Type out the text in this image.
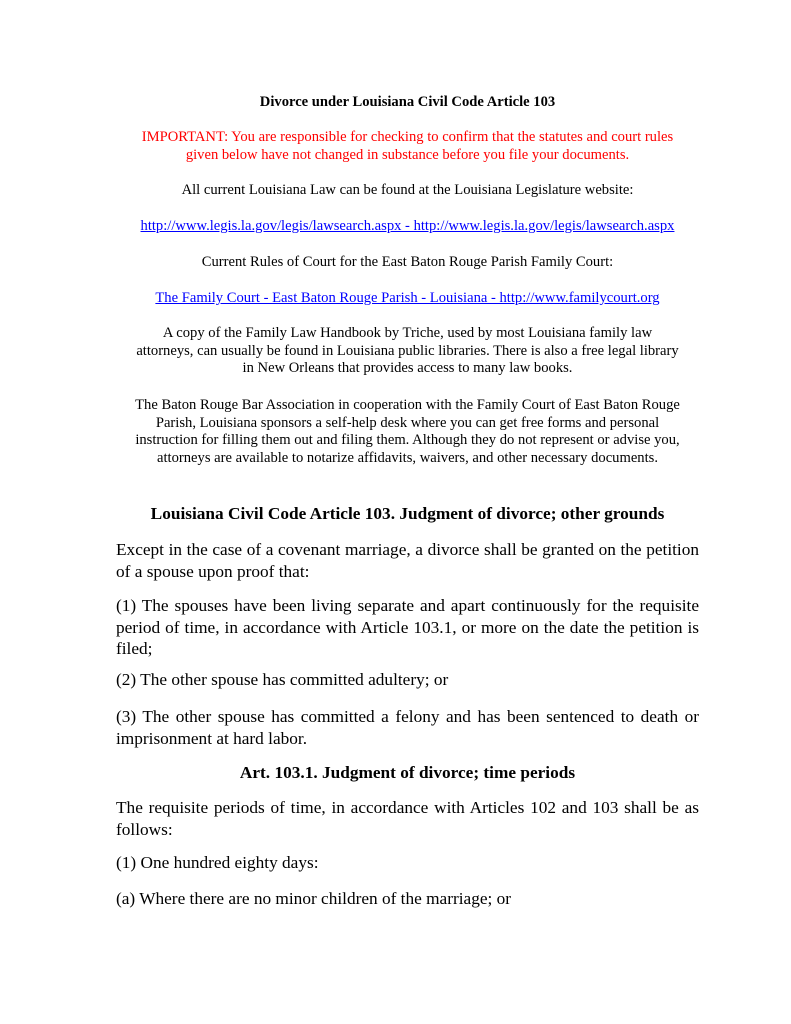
Divorce under Louisiana Civil Code Article 103

IMPORTANT: You are responsible for checking to confirm that the statutes and court rules
given below have not changed in substance before you file your documents.

All current Louisiana Law can be found at the Louisiana Legislature website:

http://www.legis.la.gov/legis/lawsearch.aspx - http://www.legis.la.gov/legis/lawsearch.aspx

Current Rules of Court for the East Baton Rouge Parish Family Court:

The Family Court - East Baton Rouge Parish - Louisiana - http://www.familycourt.org

A copy of the Family Law Handbook by Triche, used by most Louisiana family law
attorneys, can usually be found in Louisiana public libraries. There is also a free legal library
in New Orleans that provides access to many law books.

The Baton Rouge Bar Association in cooperation with the Family Court of East Baton Rouge
Parish, Louisiana sponsors a self-help desk where you can get free forms and personal
instruction for filling them out and filing them. Although they do not represent or advise you,
attorneys are available to notarize affidavits, waivers, and other necessary documents.

Louisiana Civil Code Article 103. Judgment of divorce; other grounds

Except in the case of a covenant marriage, a divorce shall be granted on the petition of a spouse upon proof that:

(1) The spouses have been living separate and apart continuously for the requisite period of time, in accordance with Article 103.1, or more on the date the petition is filed;

(2) The other spouse has committed adultery; or

(3) The other spouse has committed a felony and has been sentenced to death or imprisonment at hard labor.

Art. 103.1. Judgment of divorce; time periods

The requisite periods of time, in accordance with Articles 102 and 103 shall be as follows:

(1) One hundred eighty days:

(a) Where there are no minor children of the marriage; or
